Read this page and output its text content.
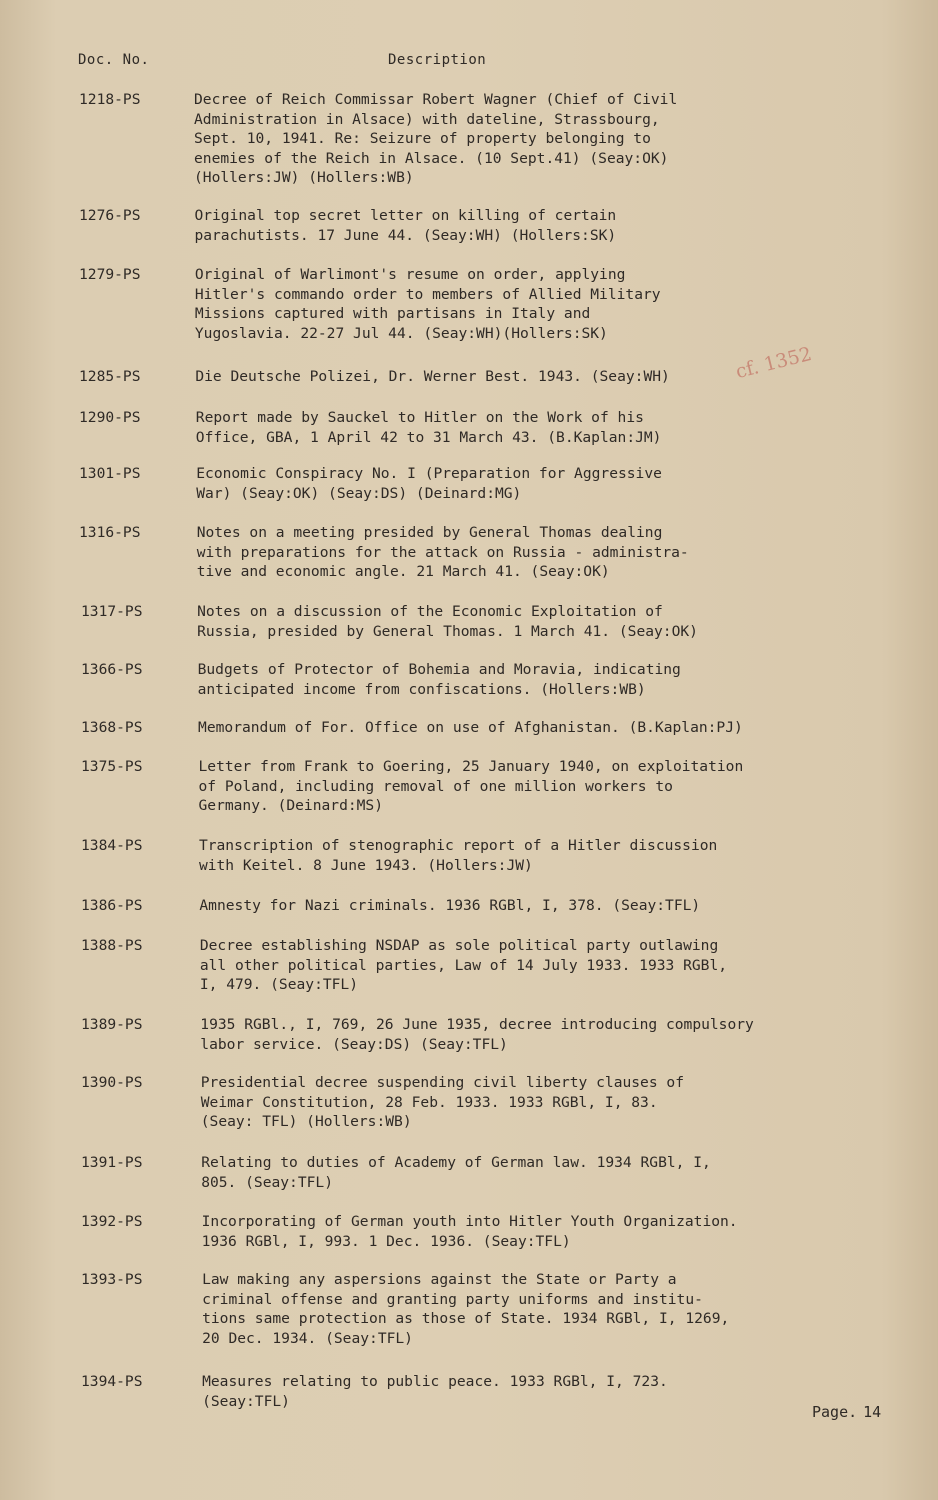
Doc. No.	Description
1218-PS	Decree of Reich Commissar Robert Wagner (Chief of Civil
Administration in Alsace) with dateline, Strassbourg,
Sept. 10, 1941. Re: Seizure of property belonging to
enemies of the Reich in Alsace. (10 Sept.41) (Seay:OK)
(Hollers:JW) (Hollers:WB)
1276-PS	Original top secret letter on killing of certain
parachutists. 17 June 44. (Seay:WH) (Hollers:SK)
1279-PS	Original of Warlimont's resume on order, applying
Hitler's commando order to members of Allied Military
Missions captured with partisans in Italy and
Yugoslavia. 22-27 Jul 44. (Seay:WH)(Hollers:SK)
1285-PS	Die Deutsche Polizei, Dr. Werner Best. 1943. (Seay:WH)
1290-PS	Report made by Sauckel to Hitler on the Work of his
Office, GBA, 1 April 42 to 31 March 43. (B.Kaplan:JM)
1301-PS	Economic Conspiracy No. I (Preparation for Aggressive
War) (Seay:OK) (Seay:DS) (Deinard:MG)
1316-PS	Notes on a meeting presided by General Thomas dealing
with preparations for the attack on Russia - administra-
tive and economic angle. 21 March 41. (Seay:OK)
1317-PS	Notes on a discussion of the Economic Exploitation of
Russia, presided by General Thomas. 1 March 41. (Seay:OK)
1366-PS	Budgets of Protector of Bohemia and Moravia, indicating
anticipated income from confiscations. (Hollers:WB)
1368-PS	Memorandum of For. Office on use of Afghanistan. (B.Kaplan:PJ)
1375-PS	Letter from Frank to Goering, 25 January 1940, on exploitation
of Poland, including removal of one million workers to
Germany. (Deinard:MS)
1384-PS	Transcription of stenographic report of a Hitler discussion
with Keitel. 8 June 1943. (Hollers:JW)
1386-PS	Amnesty for Nazi criminals. 1936 RGBl, I, 378. (Seay:TFL)
1388-PS	Decree establishing NSDAP as sole political party outlawing
all other political parties, Law of 14 July 1933. 1933 RGBl,
I, 479. (Seay:TFL)
1389-PS	1935 RGBl., I, 769, 26 June 1935, decree introducing compulsory
labor service. (Seay:DS) (Seay:TFL)
1390-PS	Presidential decree suspending civil liberty clauses of
Weimar Constitution, 28 Feb. 1933. 1933 RGBl, I, 83.
(Seay: TFL) (Hollers:WB)
1391-PS	Relating to duties of Academy of German law. 1934 RGBl, I,
805. (Seay:TFL)
1392-PS	Incorporating of German youth into Hitler Youth Organization.
1936 RGBl, I, 993. 1 Dec. 1936. (Seay:TFL)
1393-PS	Law making any aspersions against the State or Party a
criminal offense and granting party uniforms and institu-
tions same protection as those of State. 1934 RGBl, I, 1269,
20 Dec. 1934. (Seay:TFL)
1394-PS	Measures relating to public peace. 1933 RGBl, I, 723.
(Seay:TFL)
cf. 1352
Page. 14
